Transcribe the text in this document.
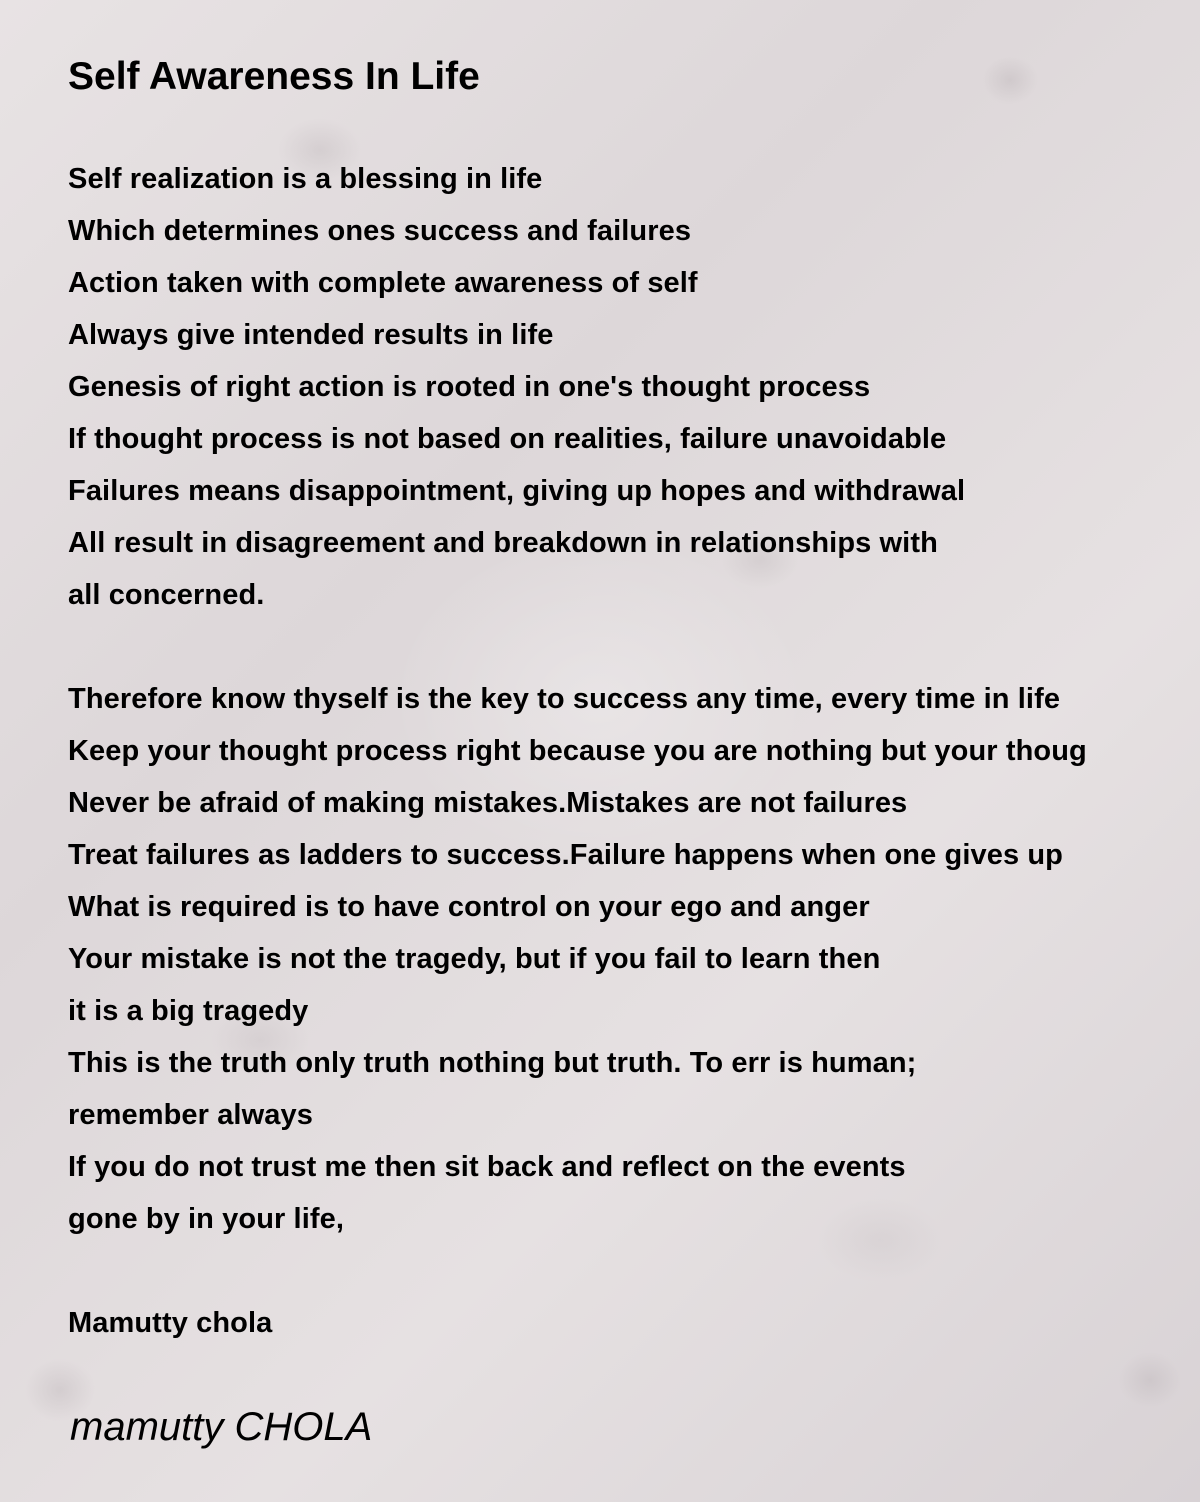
Self Awareness In Life
Self realization is a blessing in life
Which determines ones success and failures
Action taken with complete awareness of self
Always give intended results in life
Genesis of right action is rooted in one's thought process
If thought process is not based on realities, failure unavoidable
Failures means disappointment, giving up hopes and withdrawal
All result in disagreement and breakdown in relationships with
all concerned.
Therefore know thyself is the key to success any time, every time in life
Keep your thought process right because you are nothing but your thoug
Never be afraid of making mistakes.Mistakes are not failures
Treat failures as ladders to success.Failure happens when one gives up
What is required is to have control on your ego and anger
Your mistake is not the tragedy, but if you fail to learn then
it is a big tragedy
This is the truth only truth nothing but truth. To err is human;
remember always
If you do not trust me then sit back and reflect on the events
gone by in your life,
Mamutty chola
mamutty CHOLA
